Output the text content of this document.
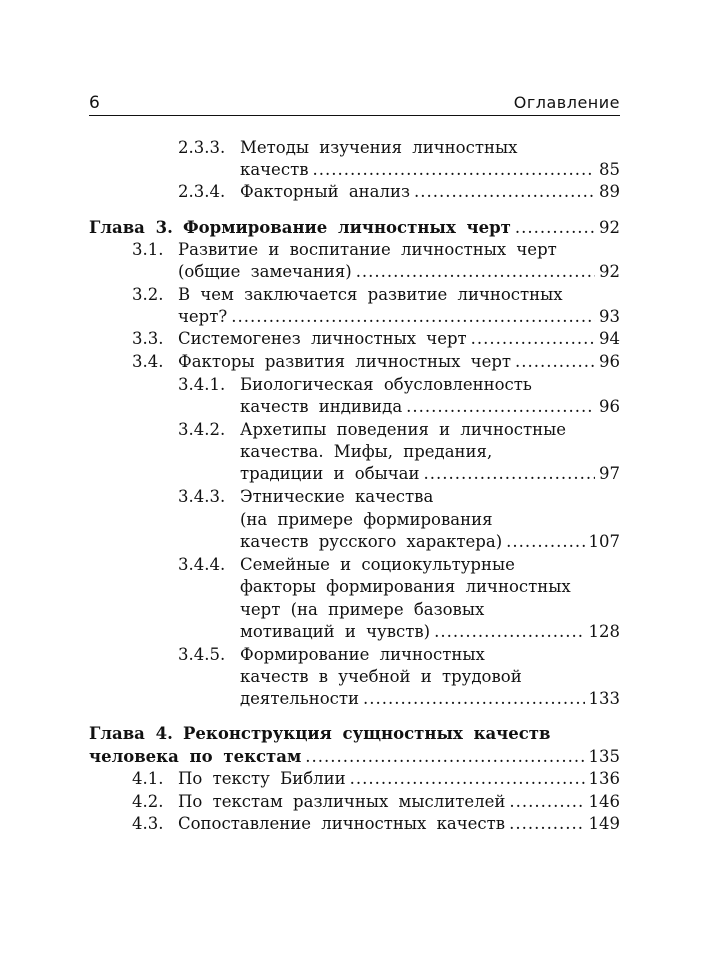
6	Оглавление
2.3.3. Методы изучения личностных
качеств .....	85
2.3.4. Факторный анализ .....	89
Глава 3. Формирование личностных черт .....	92
3.1. Развитие и воспитание личностных черт
(общие замечания) .....	92
3.2. В чем заключается развитие личностных
черт? .....	93
3.3. Системогенез личностных черт .....	94
3.4. Факторы развития личностных черт .....	96
3.4.1. Биологическая обусловленность
качеств индивида .....	96
3.4.2. Архетипы поведения и личностные
качества. Мифы, предания,
традиции и обычаи .....	97
3.4.3. Этнические качества
(на примере формирования
качеств русского характера) .....	107
3.4.4. Семейные и социокультурные
факторы формирования личностных
черт (на примере базовых
мотиваций и чувств) .....	128
3.4.5. Формирование личностных
качеств в учебной и трудовой
деятельности .....	133
Глава 4. Реконструкция сущностных качеств
человека по текстам .....	135
4.1. По тексту Библии .....	136
4.2. По текстам различных мыслителей .....	146
4.3. Сопоставление личностных качеств .....	149
